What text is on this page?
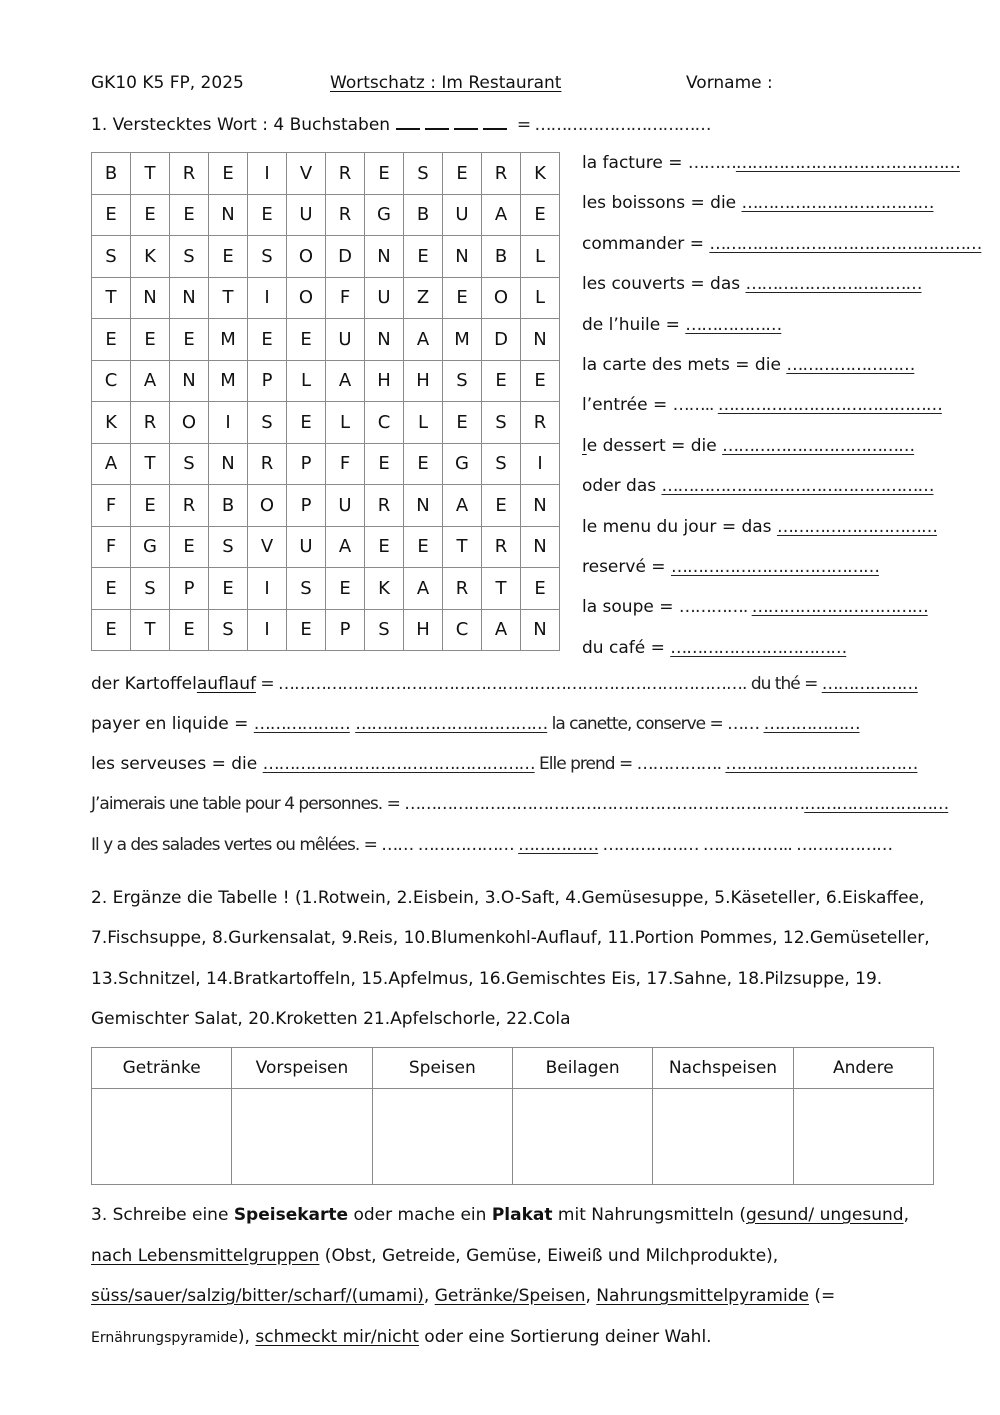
GK10 K5 FP, 2025	Wortschatz : Im Restaurant	Vorname :
1. Verstecktes Wort : 4 Buchstaben	= ……………………………
B	T	R	E	I	V	R	E	S	E	R	K
E	E	E	N	E	U	R	G	B	U	A	E
S	K	S	E	S	O	D	N	E	N	B	L
T	N	N	T	I	O	F	U	Z	E	O	L
E	E	E	M	E	E	U	N	A	M	D	N
C	A	N	M	P	L	A	H	H	S	E	E
K	R	O	I	S	E	L	C	L	E	S	R
A	T	S	N	R	P	F	E	E	G	S	I
F	E	R	B	O	P	U	R	N	A	E	N
F	G	E	S	V	U	A	E	E	T	R	N
E	S	P	E	I	S	E	K	A	R	T	E
E	T	E	S	I	E	P	S	H	C	A	N
la facture = ……………………………………………
les boissons = die ………………………………
commander = ……………………………………………
les couverts = das ……………………………
de l’huile = ………………
la carte des mets = die ……………………
l’entrée = …….. ……………………………………
le dessert = die ………………………………
oder das ……………………………………………
le menu du jour = das …………………………
reservé = …………………………………
la soupe = …………. ……………………………
du café = ……………………………
der Kartoffelauflauf = ……………………………………………………………………………. du thé = ………………
payer en liquide = ……………… ……………………………… la canette, conserve = …… ………………
les serveuses = die …………………………………………… Elle prend = ……………. ………………………………
J’aimerais une table pour 4 personnes. = …………………………………………………………………………………………
Il y a des salades vertes ou mêlées. = …… ……………… …………… ……………… …………….. ………………
2. Ergänze die Tabelle ! (1.Rotwein, 2.Eisbein, 3.O-Saft, 4.Gemüsesuppe, 5.Käseteller, 6.Eiskaffee, 7.Fischsuppe, 8.Gurkensalat, 9.Reis, 10.Blumenkohl-Auflauf, 11.Portion Pommes, 12.Gemüseteller, 13.Schnitzel, 14.Bratkartoffeln, 15.Apfelmus, 16.Gemischtes Eis, 17.Sahne, 18.Pilzsuppe, 19. Gemischter Salat, 20.Kroketten 21.Apfelschorle, 22.Cola
Getränke	Vorspeisen	Speisen	Beilagen	Nachspeisen	Andere

3. Schreibe eine Speisekarte oder mache ein Plakat mit Nahrungsmitteln (gesund/ ungesund, nach Lebensmittelgruppen (Obst, Getreide, Gemüse, Eiweiß und Milchprodukte), süss/sauer/salzig/bitter/scharf/(umami), Getränke/Speisen, Nahrungsmittelpyramide (= Ernährungspyramide), schmeckt mir/nicht oder eine Sortierung deiner Wahl.
